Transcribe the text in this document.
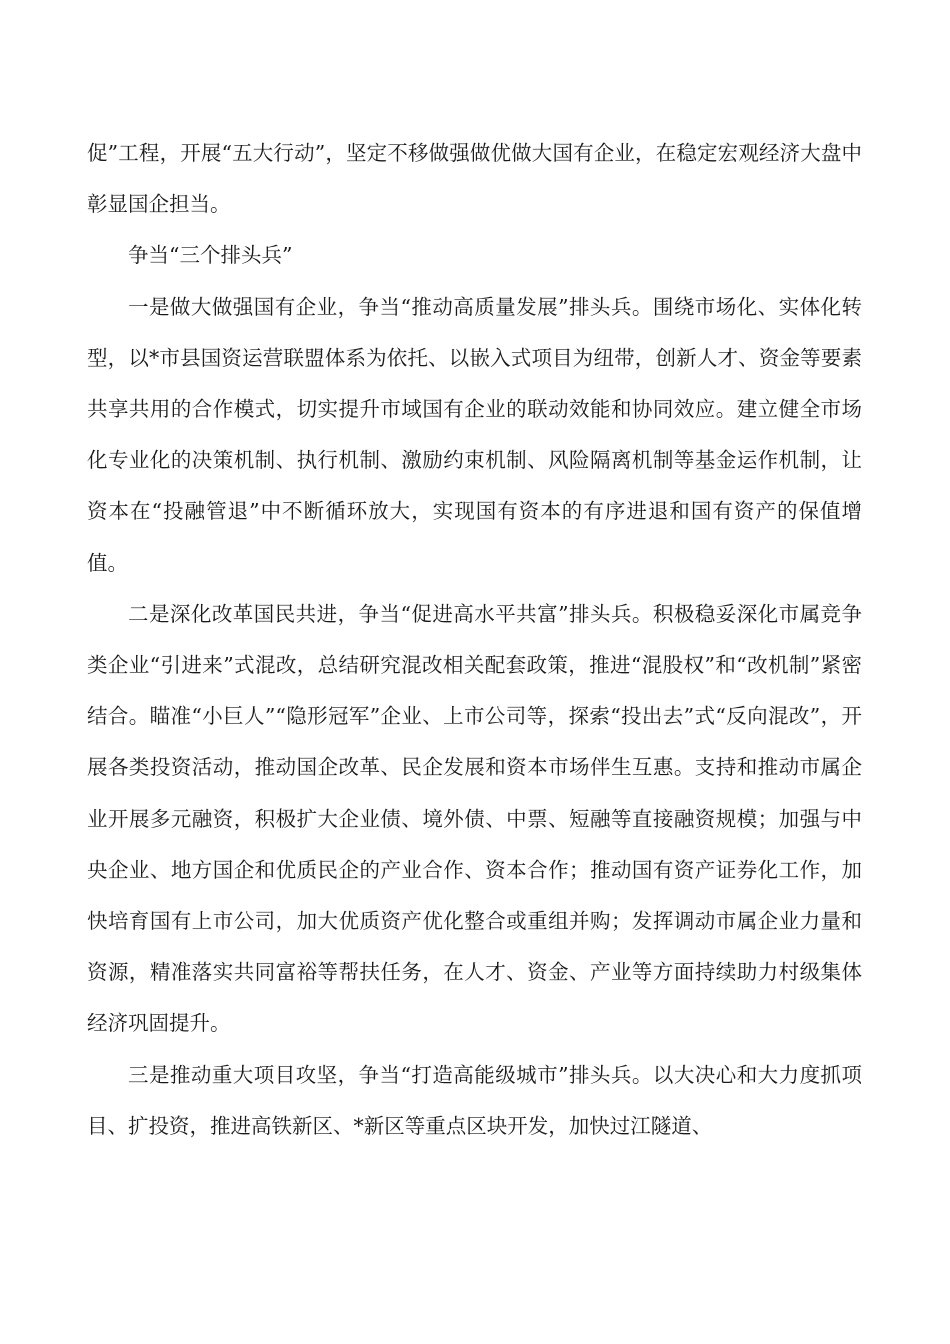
促”工程，开展“五大行动”，坚定不移做强做优做大国有企业，在稳定宏观经济大盘中彰显国企担当。

争当“三个排头兵”

一是做大做强国有企业，争当“推动高质量发展”排头兵。围绕市场化、实体化转型，以*市县国资运营联盟体系为依托、以嵌入式项目为纽带，创新人才、资金等要素共享共用的合作模式，切实提升市域国有企业的联动效能和协同效应。建立健全市场化专业化的决策机制、执行机制、激励约束机制、风险隔离机制等基金运作机制，让资本在“投融管退”中不断循环放大，实现国有资本的有序进退和国有资产的保值增值。

二是深化改革国民共进，争当“促进高水平共富”排头兵。积极稳妥深化市属竞争类企业“引进来”式混改，总结研究混改相关配套政策，推进“混股权”和“改机制”紧密结合。瞄准“小巨人”“隐形冠军”企业、上市公司等，探索“投出去”式“反向混改”，开展各类投资活动，推动国企改革、民企发展和资本市场伴生互惠。支持和推动市属企业开展多元融资，积极扩大企业债、境外债、中票、短融等直接融资规模；加强与中央企业、地方国企和优质民企的产业合作、资本合作；推动国有资产证券化工作，加快培育国有上市公司，加大优质资产优化整合或重组并购；发挥调动市属企业力量和资源，精准落实共同富裕等帮扶任务，在人才、资金、产业等方面持续助力村级集体经济巩固提升。

三是推动重大项目攻坚，争当“打造高能级城市”排头兵。以大决心和大力度抓项目、扩投资，推进高铁新区、*新区等重点区块开发，加快过江隧道、
